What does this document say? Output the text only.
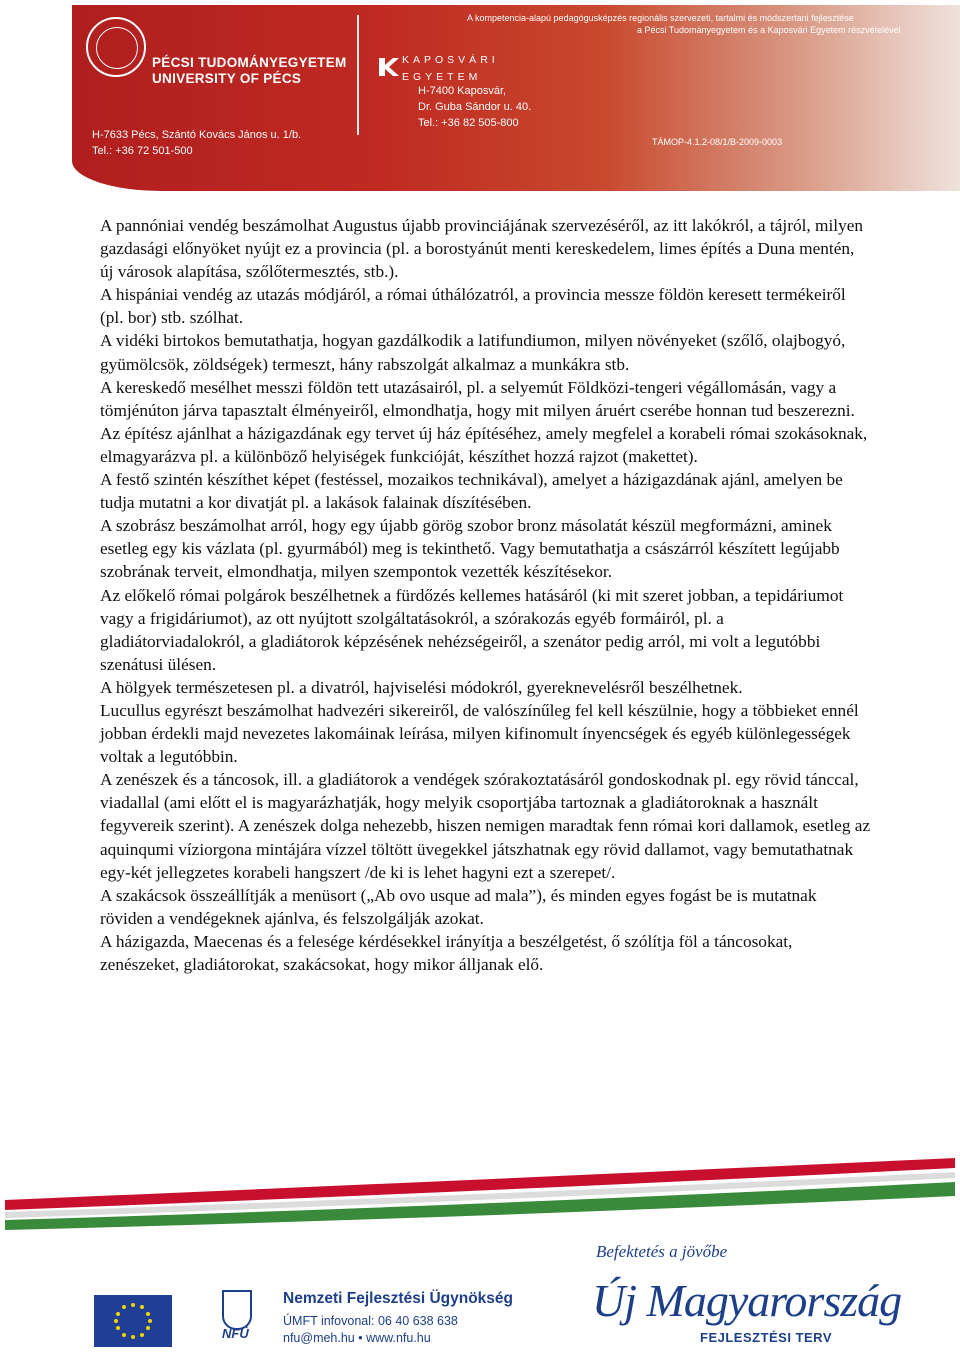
PÉCSI TUDOMÁNYEGYETEM
UNIVERSITY OF PÉCS
KAPOSVÁRI
EGYETEM
H-7400 Kaposvár,
Dr. Guba Sándor u. 40.
Tel.: +36 82 505-800
A kompetencia-alapú pedagógusképzés regionális szervezeti, tartalmi és módszertani fejlesztése
a Pécsi Tudományegyetem és a Kaposvári Egyetem részvételével
H-7633 Pécs, Szántó Kovács János u. 1/b.
Tel.: +36 72 501-500
TÁMOP-4.1.2-08/1/B-2009-0003

A pannóniai vendég beszámolhat Augustus újabb provinciájának szervezéséről, az itt lakókról, a tájról, milyen gazdasági előnyöket nyújt ez a provincia (pl. a borostyánút menti kereskedelem, limes építés a Duna mentén, új városok alapítása, szőlőtermesztés, stb.).

A hispániai vendég az utazás módjáról, a római úthálózatról, a provincia messze földön keresett termékeiről (pl. bor) stb. szólhat.

A vidéki birtokos bemutathatja, hogyan gazdálkodik a latifundiumon, milyen növényeket (szőlő, olajbogyó, gyümölcsök, zöldségek) termeszt, hány rabszolgát alkalmaz a munkákra stb.

A kereskedő mesélhet messzi földön tett utazásairól, pl. a selyemút Földközi-tengeri végállomásán, vagy a tömjénúton járva tapasztalt élményeiről, elmondhatja, hogy mit milyen áruért cserébe honnan tud beszerezni.

Az építész ajánlhat a házigazdának egy tervet új ház építéséhez, amely megfelel a korabeli római szokásoknak, elmagyarázva pl. a különböző helyiségek funkcióját, készíthet hozzá rajzot (makettet).

A festő szintén készíthet képet (festéssel, mozaikos technikával), amelyet a házigazdának ajánl, amelyen be tudja mutatni a kor divatját pl. a lakások falainak díszítésében.

A szobrász beszámolhat arról, hogy egy újabb görög szobor bronz másolatát készül megformázni, aminek esetleg egy kis vázlata (pl. gyurmából) meg is tekinthető. Vagy bemutathatja a császárról készített legújabb szobrának terveit, elmondhatja, milyen szempontok vezették készítésekor.

Az előkelő római polgárok beszélhetnek a fürdőzés kellemes hatásáról (ki mit szeret jobban, a tepidáriumot vagy a frigidáriumot), az ott nyújtott szolgáltatásokról, a szórakozás egyéb formáiról, pl. a gladiátorviadalokról, a gladiátorok képzésének nehézségeiről, a szenátor pedig arról, mi volt a legutóbbi szenátusi ülésen.

A hölgyek természetesen pl. a divatról, hajviselési módokról, gyereknevelésről beszélhetnek.

Lucullus egyrészt beszámolhat hadvezéri sikereiről, de valószínűleg fel kell készülnie, hogy a többieket ennél jobban érdekli majd nevezetes lakomáinak leírása, milyen kifinomult ínyencségek és egyéb különlegességek voltak a legutóbbin.

A zenészek és a táncosok, ill. a gladiátorok a vendégek szórakoztatásáról gondoskodnak pl. egy rövid tánccal, viadallal (ami előtt el is magyarázhatják, hogy melyik csoportjába tartoznak a gladiátoroknak a használt fegyvereik szerint). A zenészek dolga nehezebb, hiszen nemigen maradtak fenn római kori dallamok, esetleg az aquinqumi víziorgona mintájára vízzel töltött üvegekkel játszhatnak egy rövid dallamot, vagy bemutathatnak egy-két jellegzetes korabeli hangszert /de ki is lehet hagyni ezt a szerepet/.

A szakácsok összeállítják a menüsort („Ab ovo usque ad mala”), és minden egyes fogást be is mutatnak röviden a vendégeknek ajánlva, és felszolgálják azokat.

A házigazda, Maecenas és a felesége kérdésekkel irányítja a beszélgetést, ő szólítja föl a táncosokat, zenészeket, gladiátorokat, szakácsokat, hogy mikor álljanak elő.

NFÜ
Nemzeti Fejlesztési Ügynökség
ÚMFT infovonal: 06 40 638 638
nfu@meh.hu • www.nfu.hu
Befektetés a jövőbe
Új Magyarország
FEJLESZTÉSI TERV
